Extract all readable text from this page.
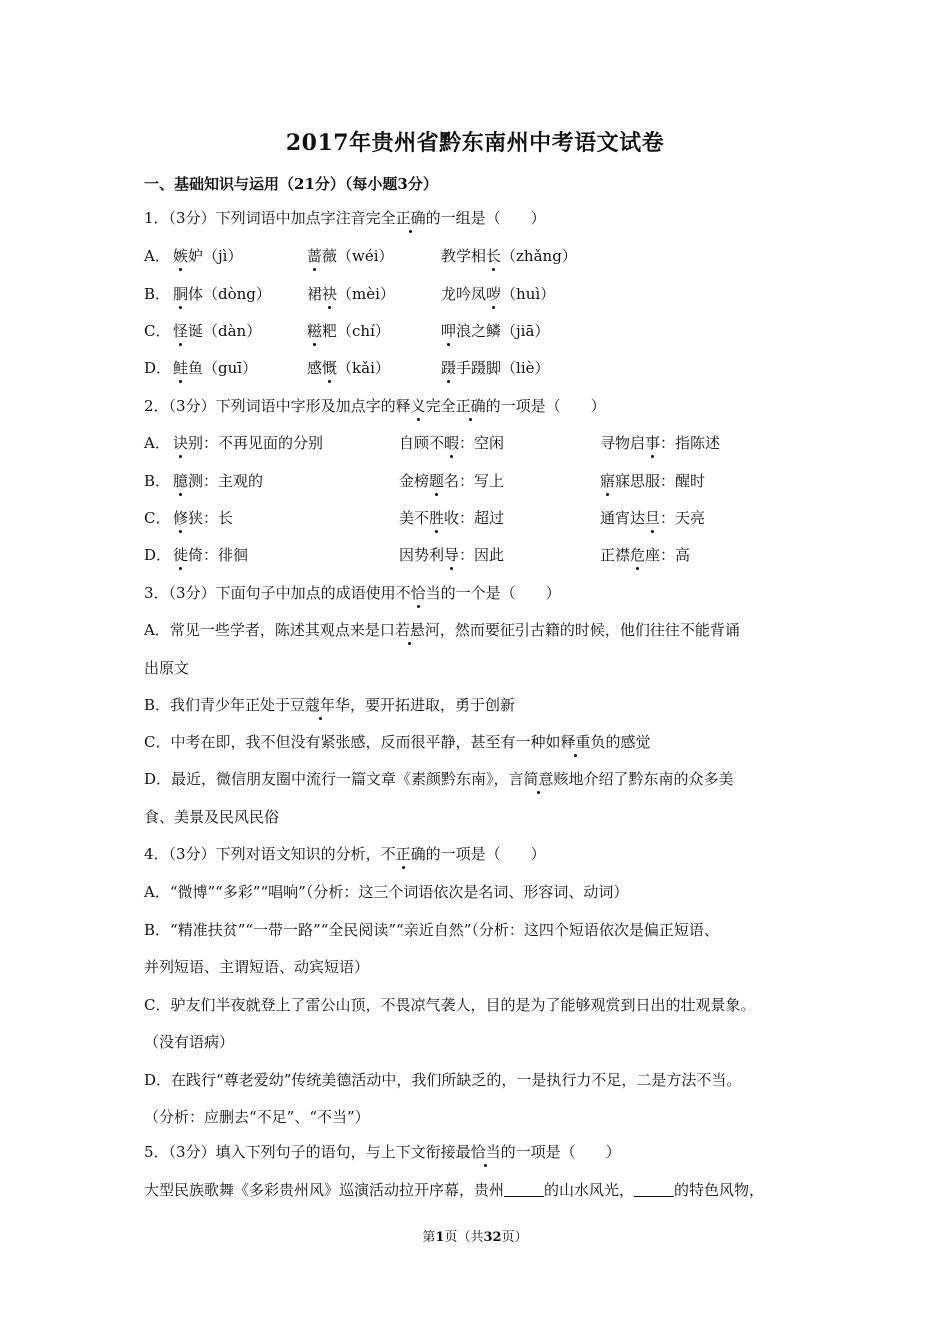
2017年贵州省黔东南州中考语文试卷
一、基础知识与运用（21分）（每小题3分）
1．（3分）下列词语中加点字注音完全正确的一组是（　　）
A． 嫉妒（jì）	蔷薇（wéi）	教学相长（zhǎng）
B． 胴体（dòng） 裙袂（mèi）	龙吟凤哕（huì）
C． 怪诞（dàn）	糍粑（chí）	呷浪之鳞（jiā）
D． 鲑鱼（guī）	感慨（kǎi）	蹑手蹑脚（liè）
2．（3分）下列词语中字形及加点字的释义完全正确的一项是（　　）
A． 诀别：不再见面的分别	自顾不暇：空闲	寻物启事：指陈述
B． 臆测：主观的	金榜题名：写上	寤寐思服：醒时
C． 修狭：长	美不胜收：超过	通宵达旦：天亮
D． 徙倚：徘徊	因势利导：因此	正襟危座：高
3．（3分）下面句子中加点的成语使用不恰当的一个是（　　）
A．常见一些学者，陈述其观点来是口若悬河，然而要征引古籍的时候，他们往往不能背诵
出原文
B．我们青少年正处于豆蔻年华，要开拓进取，勇于创新
C．中考在即，我不但没有紧张感，反而很平静，甚至有一种如释重负的感觉
D．最近，微信朋友圈中流行一篇文章《素颜黔东南》，言简意赅地介绍了黔东南的众多美
食、美景及民风民俗
4．（3分）下列对语文知识的分析，不正确的一项是（　　）
A．“微博”“多彩”“唱响”（分析：这三个词语依次是名词、形容词、动词）
B．“精准扶贫”“一带一路”“全民阅读”“亲近自然”（分析：这四个短语依次是偏正短语、
并列短语、主谓短语、动宾短语）
C．驴友们半夜就登上了雷公山顶，不畏凉气袭人，目的是为了能够观赏到日出的壮观景象。
（没有语病）
D．在践行“尊老爱幼”传统美德活动中，我们所缺乏的，一是执行力不足，二是方法不当。
（分析：应删去“不足”、“不当”）
5．（3分）填入下列句子的语句，与上下文衔接最恰当的一项是（　　）
大型民族歌舞《多彩贵州风》巡演活动拉开序幕，贵州	的山水风光，	的特色风物，
第1页（共32页）
